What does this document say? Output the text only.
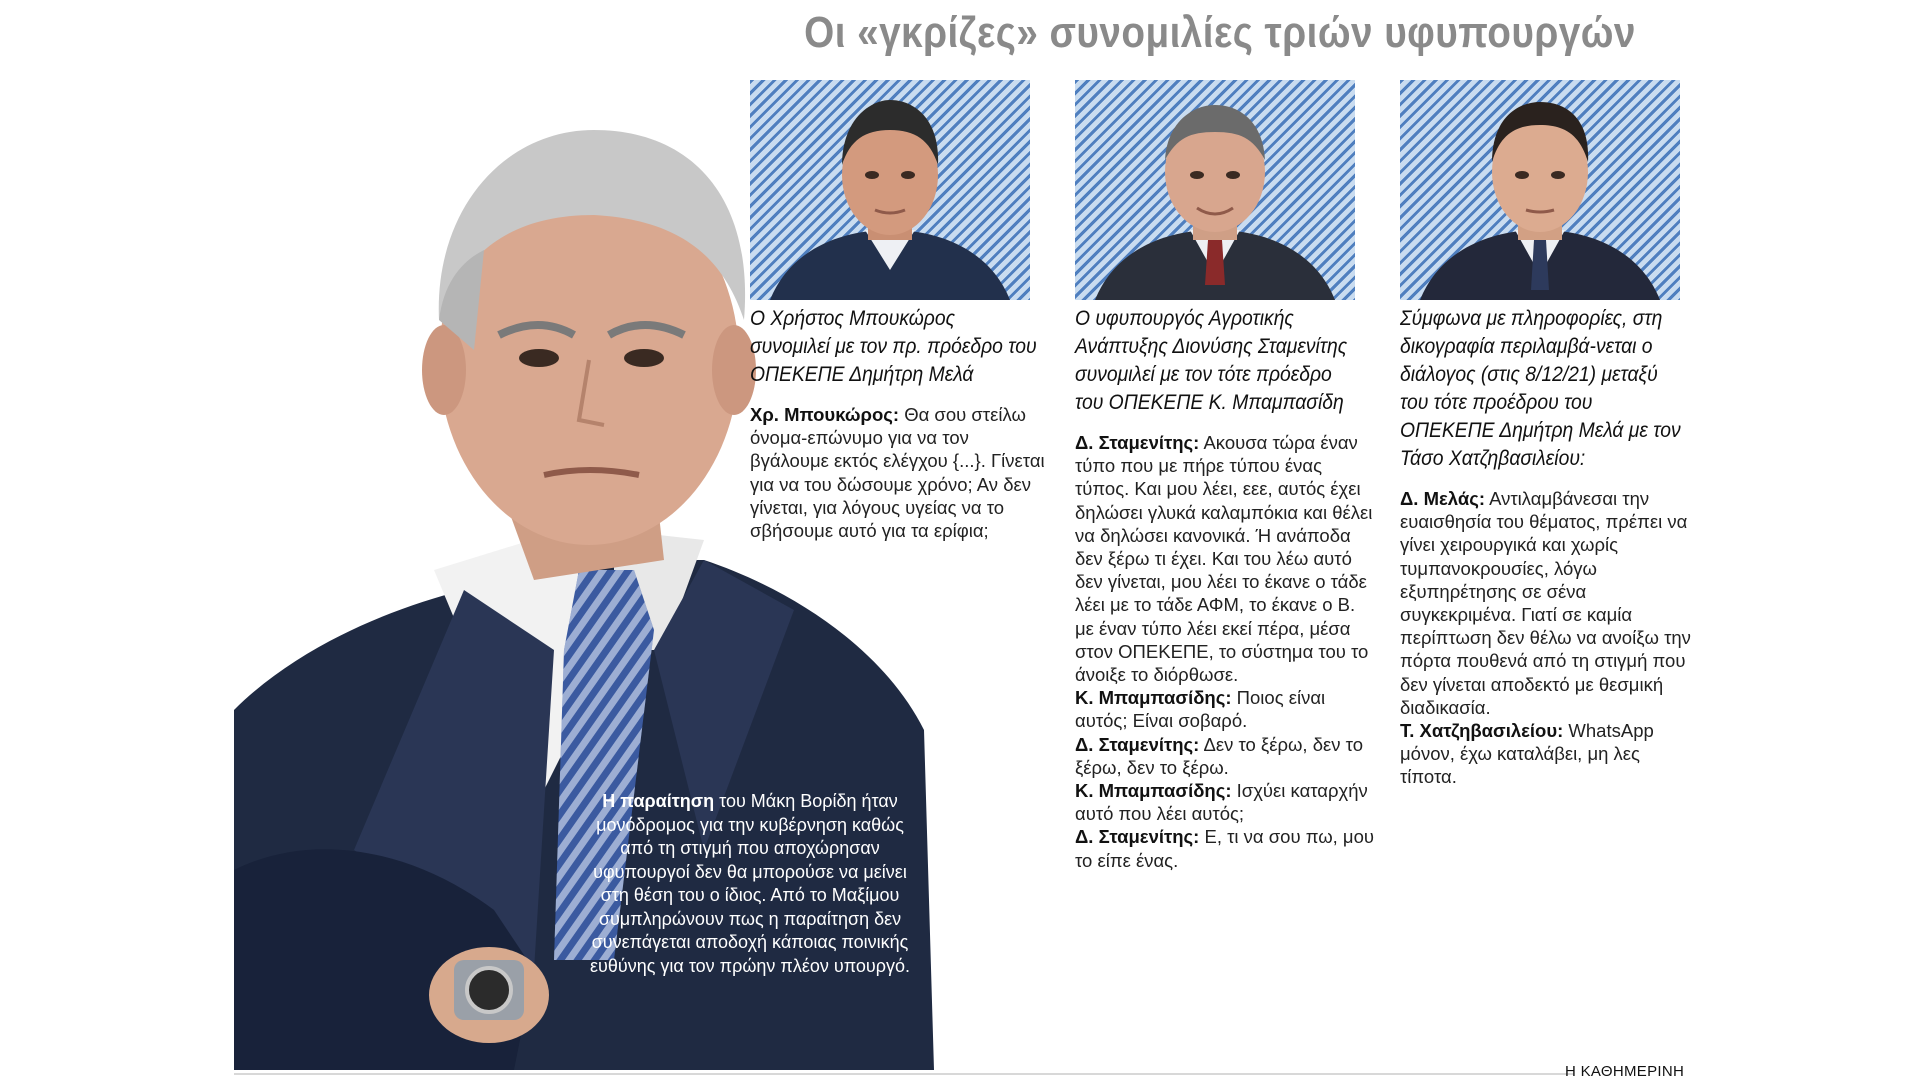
Οι «γκρίζες» συνομιλίες τριών υφυπουργών
Η παραίτηση του Μάκη Βορίδη ήταν μονόδρομος για την κυβέρνηση καθώς από τη στιγμή που αποχώρησαν υφυπουργοί δεν θα μπορούσε να μείνει στη θέση του ο ίδιος. Από το Μαξίμου συμπληρώνουν πως η παραίτηση δεν συνεπάγεται αποδοχή κάποιας ποινικής ευθύνης για τον πρώην πλέον υπουργό.
Ο Χρήστος Μπουκώρος συνομιλεί με τον πρ. πρόεδρο του ΟΠΕΚΕΠΕ Δημήτρη Μελά

Χρ. Μπουκώρος: Θα σου στείλω όνομα-επώνυμο για να τον βγάλουμε εκτός ελέγχου {...}. Γίνεται για να του δώσουμε χρόνο; Αν δεν γίνεται, για λόγους υγείας να το σβήσουμε αυτό για τα ερίφια;

Ο υφυπουργός Αγροτικής Ανάπτυξης Διονύσης Σταμενίτης συνομιλεί με τον τότε πρόεδρο του ΟΠΕΚΕΠΕ Κ. Μπαμπασίδη

Δ. Σταμενίτης: Ακουσα τώρα έναν τύπο που με πήρε τύπου ένας τύπος. Και μου λέει, εεε, αυτός έχει δηλώσει γλυκά καλαμπόκια και θέλει να δηλώσει κανονικά. Ή ανάποδα δεν ξέρω τι έχει. Και του λέω αυτό δεν γίνεται, μου λέει το έκανε ο τάδε λέει με το τάδε ΑΦΜ, το έκανε ο Β. με έναν τύπο λέει εκεί πέρα, μέσα στον ΟΠΕΚΕΠΕ, το σύστημα του το άνοιξε το διόρθωσε.

Κ. Μπαμπασίδης: Ποιος είναι αυτός; Είναι σοβαρό.

Δ. Σταμενίτης: Δεν το ξέρω, δεν το ξέρω, δεν το ξέρω.

Κ. Μπαμπασίδης: Ισχύει καταρχήν αυτό που λέει αυτός;

Δ. Σταμενίτης: Ε, τι να σου πω, μου το είπε ένας.

Σύμφωνα με πληροφορίες, στη δικογραφία περιλαμβά-νεται ο διάλογος (στις 8/12/21) μεταξύ του τότε προέδρου του ΟΠΕΚΕΠΕ Δημήτρη Μελά με τον Τάσο Χατζηβασιλείου:

Δ. Μελάς: Αντιλαμβάνεσαι την ευαισθησία του θέματος, πρέπει να γίνει χειρουργικά και χωρίς τυμπανοκρουσίες, λόγω εξυπηρέτησης σε σένα συγκεκριμένα. Γιατί σε καμία περίπτωση δεν θέλω να ανοίξω την πόρτα πουθενά από τη στιγμή που δεν γίνεται αποδεκτό με θεσμική διαδικασία.

Τ. Χατζηβασιλείου: WhatsApp μόνον, έχω καταλάβει, μη λες τίποτα.

Η ΚΑΘΗΜΕΡΙΝΗ
